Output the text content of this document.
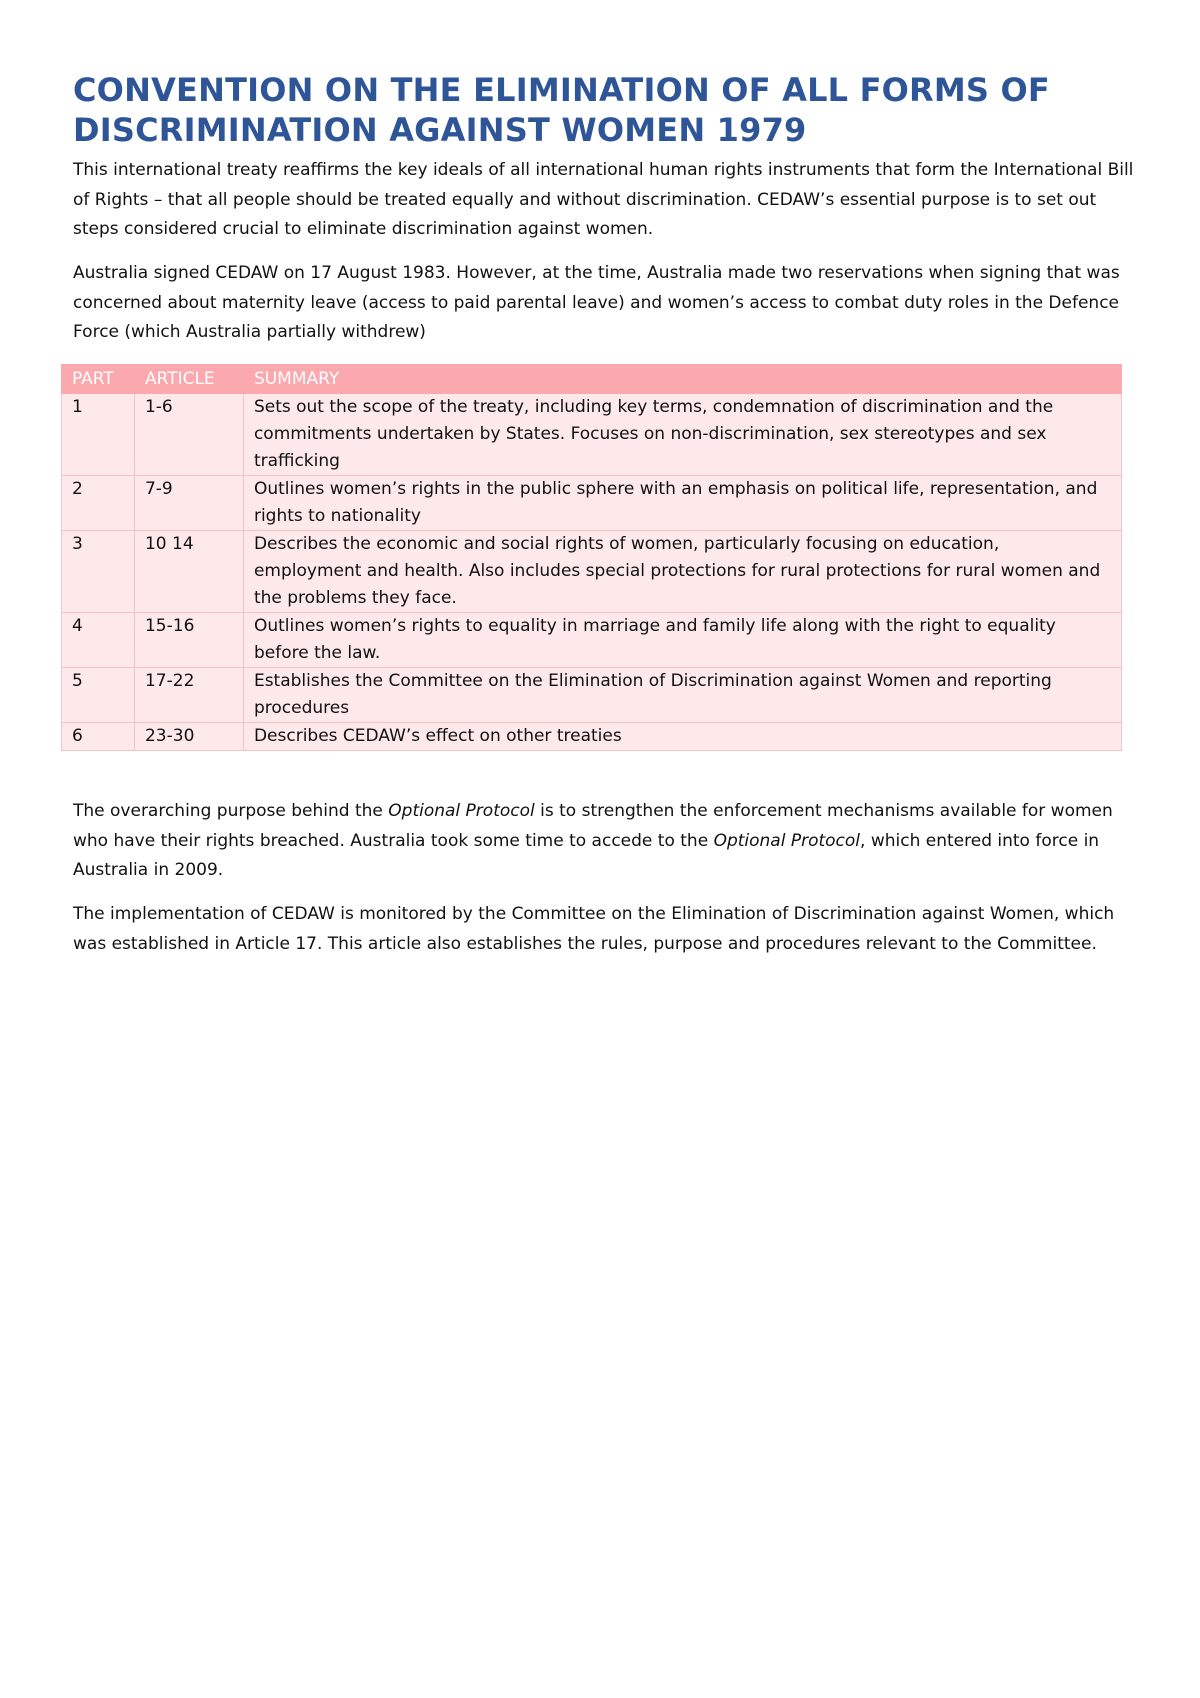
CONVENTION ON THE ELIMINATION OF ALL FORMS OF DISCRIMINATION AGAINST WOMEN 1979

This international treaty reaffirms the key ideals of all international human rights instruments that form the International Bill of Rights – that all people should be treated equally and without discrimination. CEDAW’s essential purpose is to set out steps considered crucial to eliminate discrimination against women.

Australia signed CEDAW on 17 August 1983. However, at the time, Australia made two reservations when signing that was concerned about maternity leave (access to paid parental leave) and women’s access to combat duty roles in the Defence Force (which Australia partially withdrew)

PART	ARTICLE	SUMMARY
1	1-6	Sets out the scope of the treaty, including key terms, condemnation of discrimination and the commitments undertaken by States. Focuses on non-discrimination, sex stereotypes and sex trafficking
2	7-9	Outlines women’s rights in the public sphere with an emphasis on political life, representation, and rights to nationality
3	10 14	Describes the economic and social rights of women, particularly focusing on education, employment and health. Also includes special protections for rural protections for rural women and the problems they face.
4	15-16	Outlines women’s rights to equality in marriage and family life along with the right to equality before the law.
5	17-22	Establishes the Committee on the Elimination of Discrimination against Women and reporting procedures
6	23-30	Describes CEDAW’s effect on other treaties

The overarching purpose behind the Optional Protocol is to strengthen the enforcement mechanisms available for women who have their rights breached. Australia took some time to accede to the Optional Protocol, which entered into force in Australia in 2009.

The implementation of CEDAW is monitored by the Committee on the Elimination of Discrimination against Women, which was established in Article 17. This article also establishes the rules, purpose and procedures relevant to the Committee.
